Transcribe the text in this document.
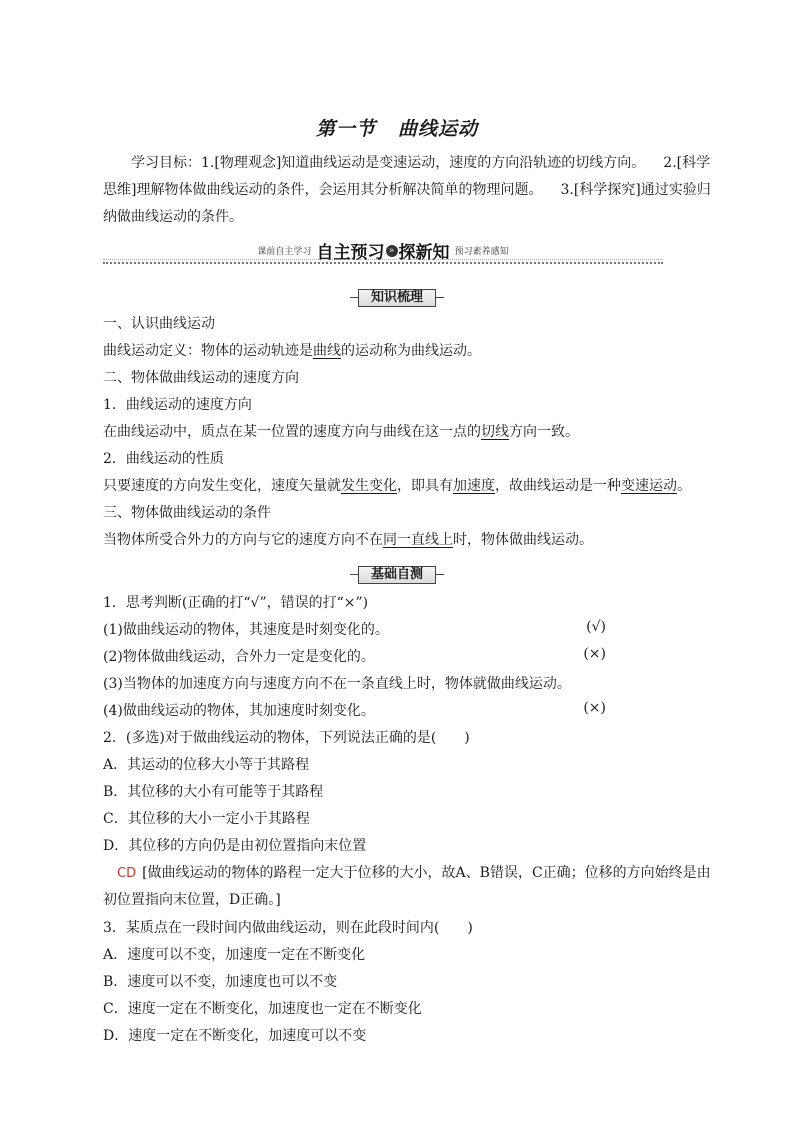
第一节 曲线运动
学习目标：1.[物理观念]知道曲线运动是变速运动，速度的方向沿轨迹的切线方向。 2.[科学思维]理解物体做曲线运动的条件，会运用其分析解决简单的物理问题。 3.[科学探究]通过实验归纳做曲线运动的条件。
课前自主学习 自主预习 » 探新知 预习素养感知
知识梳理
一、认识曲线运动
曲线运动定义：物体的运动轨迹是曲线的运动称为曲线运动。
二、物体做曲线运动的速度方向
1．曲线运动的速度方向
在曲线运动中，质点在某一位置的速度方向与曲线在这一点的切线方向一致。
2．曲线运动的性质
只要速度的方向发生变化，速度矢量就发生变化，即具有加速度，故曲线运动是一种变速运动。
三、物体做曲线运动的条件
当物体所受合外力的方向与它的速度方向不在同一直线上时，物体做曲线运动。
基础自测
1．思考判断(正确的打“√”，错误的打“×”)
(1)做曲线运动的物体，其速度是时刻变化的。	(√)
(2)物体做曲线运动，合外力一定是变化的。	(×)
(3)当物体的加速度方向与速度方向不在一条直线上时，物体就做曲线运动。
(4)做曲线运动的物体，其加速度时刻变化。	(×)
2．(多选)对于做曲线运动的物体，下列说法正确的是(　　)
A．其运动的位移大小等于其路程
B．其位移的大小有可能等于其路程
C．其位移的大小一定小于其路程
D．其位移的方向仍是由初位置指向末位置
CD [做曲线运动的物体的路程一定大于位移的大小，故A、B错误，C正确；位移的方向始终是由初位置指向末位置，D正确。]
3．某质点在一段时间内做曲线运动，则在此段时间内(　　)
A．速度可以不变，加速度一定在不断变化
B．速度可以不变，加速度也可以不变
C．速度一定在不断变化，加速度也一定在不断变化
D．速度一定在不断变化，加速度可以不变
